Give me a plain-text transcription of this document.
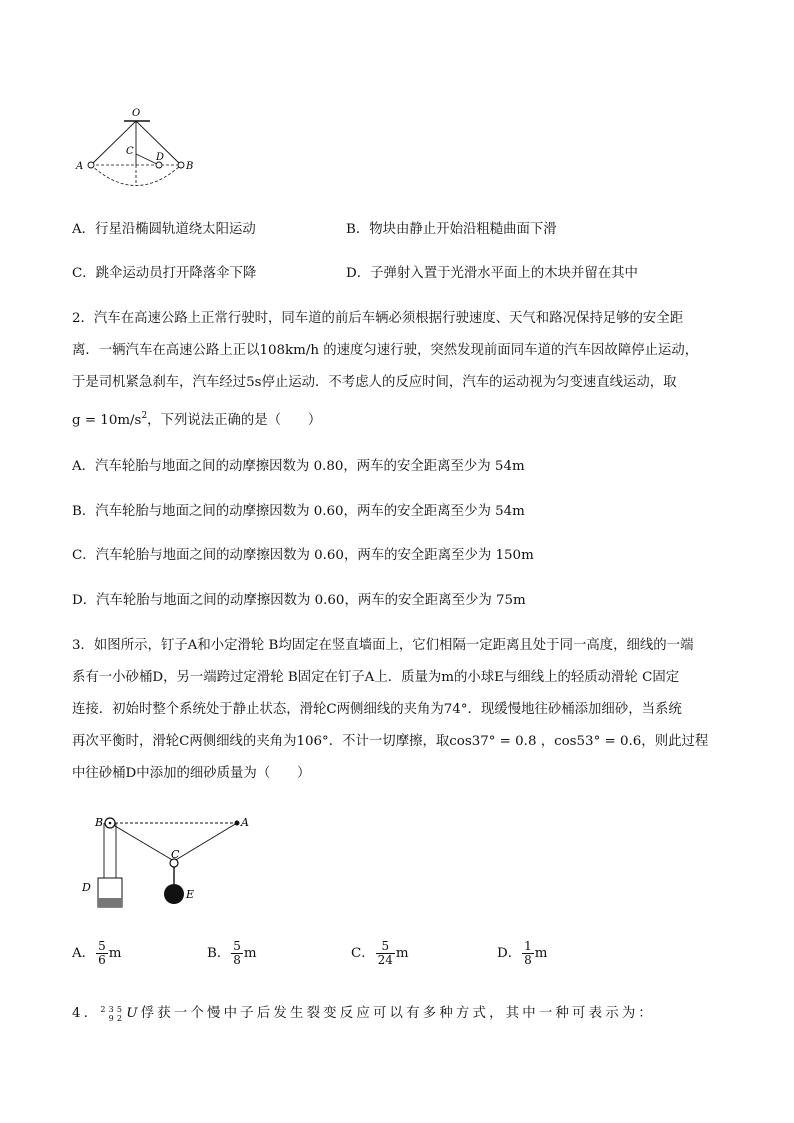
O
A	B
C
D
A．行星沿椭圆轨道绕太阳运动	B．物块由静止开始沿粗糙曲面下滑
C．跳伞运动员打开降落伞下降	D．子弹射入置于光滑水平面上的木块并留在其中
2．汽车在高速公路上正常行驶时，同车道的前后车辆必须根据行驶速度、天气和路况保持足够的安全距
离．一辆汽车在高速公路上正以108km/h 的速度匀速行驶，突然发现前面同车道的汽车因故障停止运动，
于是司机紧急刹车，汽车经过5s停止运动．不考虑人的反应时间，汽车的运动视为匀变速直线运动，取
$g = 10m/s^2$，下列说法正确的是（　　）
A．汽车轮胎与地面之间的动摩擦因数为 0.80，两车的安全距离至少为 54m
B．汽车轮胎与地面之间的动摩擦因数为 0.60，两车的安全距离至少为 54m
C．汽车轮胎与地面之间的动摩擦因数为 0.60，两车的安全距离至少为 150m
D．汽车轮胎与地面之间的动摩擦因数为 0.60，两车的安全距离至少为 75m
3．如图所示，钉子A和小定滑轮 B均固定在竖直墙面上，它们相隔一定距离且处于同一高度，细线的一端
系有一小砂桶D，另一端跨过定滑轮 B固定在钉子A上．质量为m的小球E与细线上的轻质动滑轮 C固定
连接．初始时整个系统处于静止状态，滑轮C两侧细线的夹角为74°．现缓慢地往砂桶添加细砂，当系统
再次平衡时，滑轮C两侧细线的夹角为106°．不计一切摩擦，取cos37° = 0.8 ，cos53° = 0.6，则此过程
中往砂桶D中添加的细砂质量为（　　）
B	A
C
D
E
A． $\frac{5}{6}$ m	B． $\frac{5}{8}$ m	C． $\frac{5}{24}$ m	D． $\frac{1}{8}$ m
4． 235
92 U俘获一个慢中子后发生裂变反应可以有多种方式，其中一种可表示为：
